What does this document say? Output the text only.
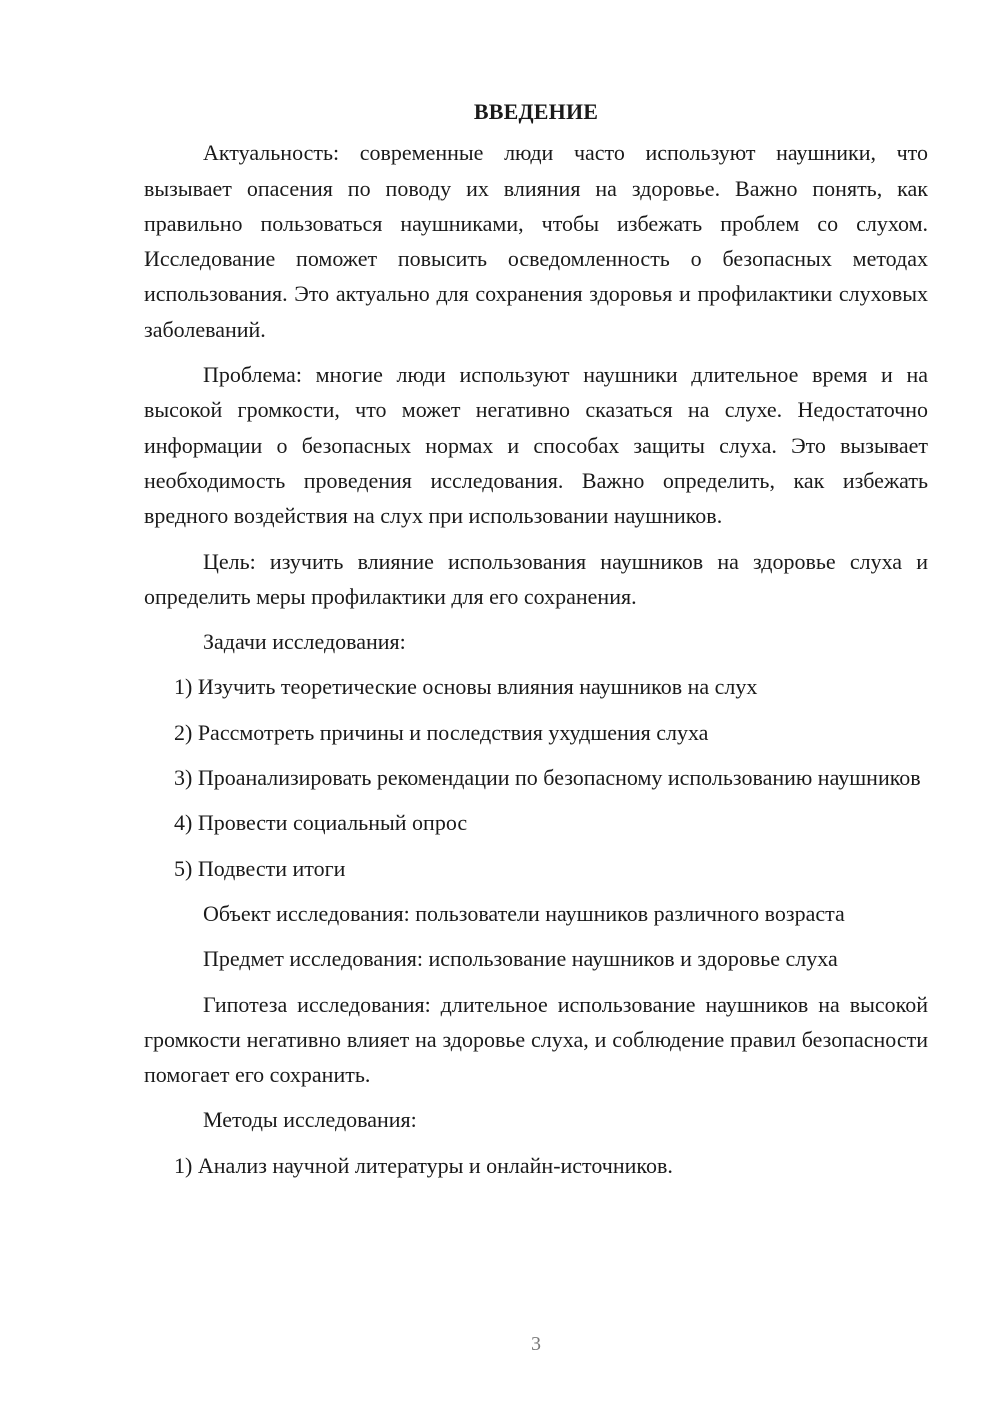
ВВЕДЕНИЕ

Актуальность: современные люди часто используют наушники, что вызывает опасения по поводу их влияния на здоровье. Важно понять, как правильно пользоваться наушниками, чтобы избежать проблем со слухом. Исследование поможет повысить осведомленность о безопасных методах использования. Это актуально для сохранения здоровья и профилактики слуховых заболеваний.

Проблема: многие люди используют наушники длительное время и на высокой громкости, что может негативно сказаться на слухе. Недостаточно информации о безопасных нормах и способах защиты слуха. Это вызывает необходимость проведения исследования. Важно определить, как избежать вредного воздействия на слух при использовании наушников.

Цель: изучить влияние использования наушников на здоровье слуха и определить меры профилактики для его сохранения.

Задачи исследования:

1) Изучить теоретические основы влияния наушников на слух

2) Рассмотреть причины и последствия ухудшения слуха

3) Проанализировать рекомендации по безопасному использованию наушников

4) Провести социальный опрос

5) Подвести итоги

Объект исследования: пользователи наушников различного возраста

Предмет исследования: использование наушников и здоровье слуха

Гипотеза исследования: длительное использование наушников на высокой громкости негативно влияет на здоровье слуха, и соблюдение правил безопасности помогает его сохранить.

Методы исследования:

1) Анализ научной литературы и онлайн-источников.

3
